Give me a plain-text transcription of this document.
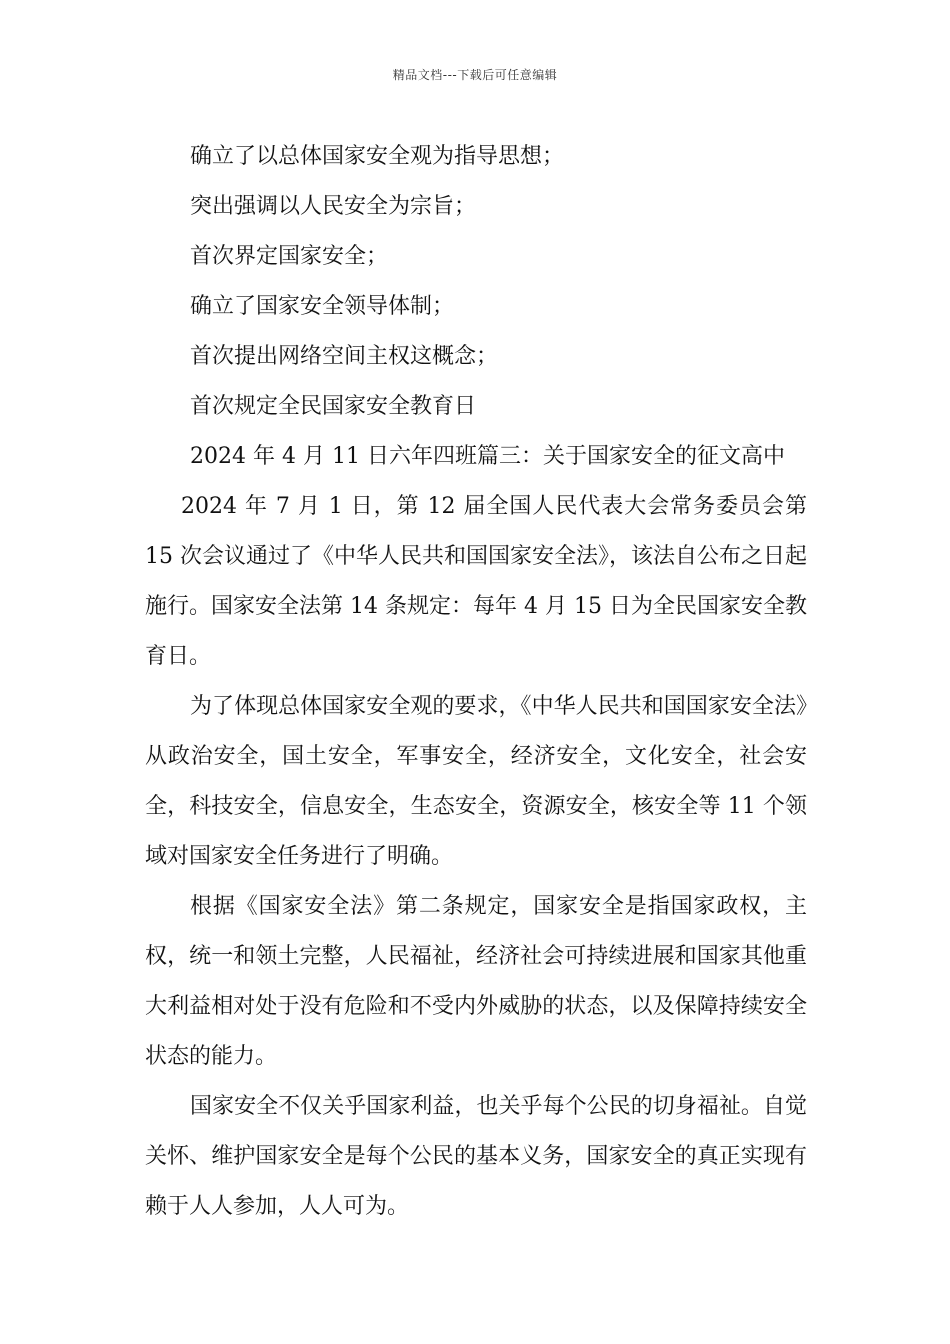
精品文档---下载后可任意编辑
确立了以总体国家安全观为指导思想；
突出强调以人民安全为宗旨；
首次界定国家安全；
确立了国家安全领导体制；
首次提出网络空间主权这概念；
首次规定全民国家安全教育日
2024 年 4 月 11 日六年四班篇三：关于国家安全的征文高中

2024 年 7 月 1 日，第 12 届全国人民代表大会常务委员会第 15 次会议通过了《中华人民共和国国家安全法》，该法自公布之日起施行。国家安全法第 14 条规定：每年 4 月 15 日为全民国家安全教育日。

为了体现总体国家安全观的要求，《中华人民共和国国家安全法》从政治安全，国土安全，军事安全，经济安全，文化安全，社会安全，科技安全，信息安全，生态安全，资源安全，核安全等 11 个领域对国家安全任务进行了明确。

根据《国家安全法》第二条规定，国家安全是指国家政权，主权，统一和领土完整，人民福祉，经济社会可持续进展和国家其他重大利益相对处于没有危险和不受内外威胁的状态，以及保障持续安全状态的能力。

国家安全不仅关乎国家利益，也关乎每个公民的切身福祉。自觉关怀、维护国家安全是每个公民的基本义务，国家安全的真正实现有赖于人人参加，人人可为。
